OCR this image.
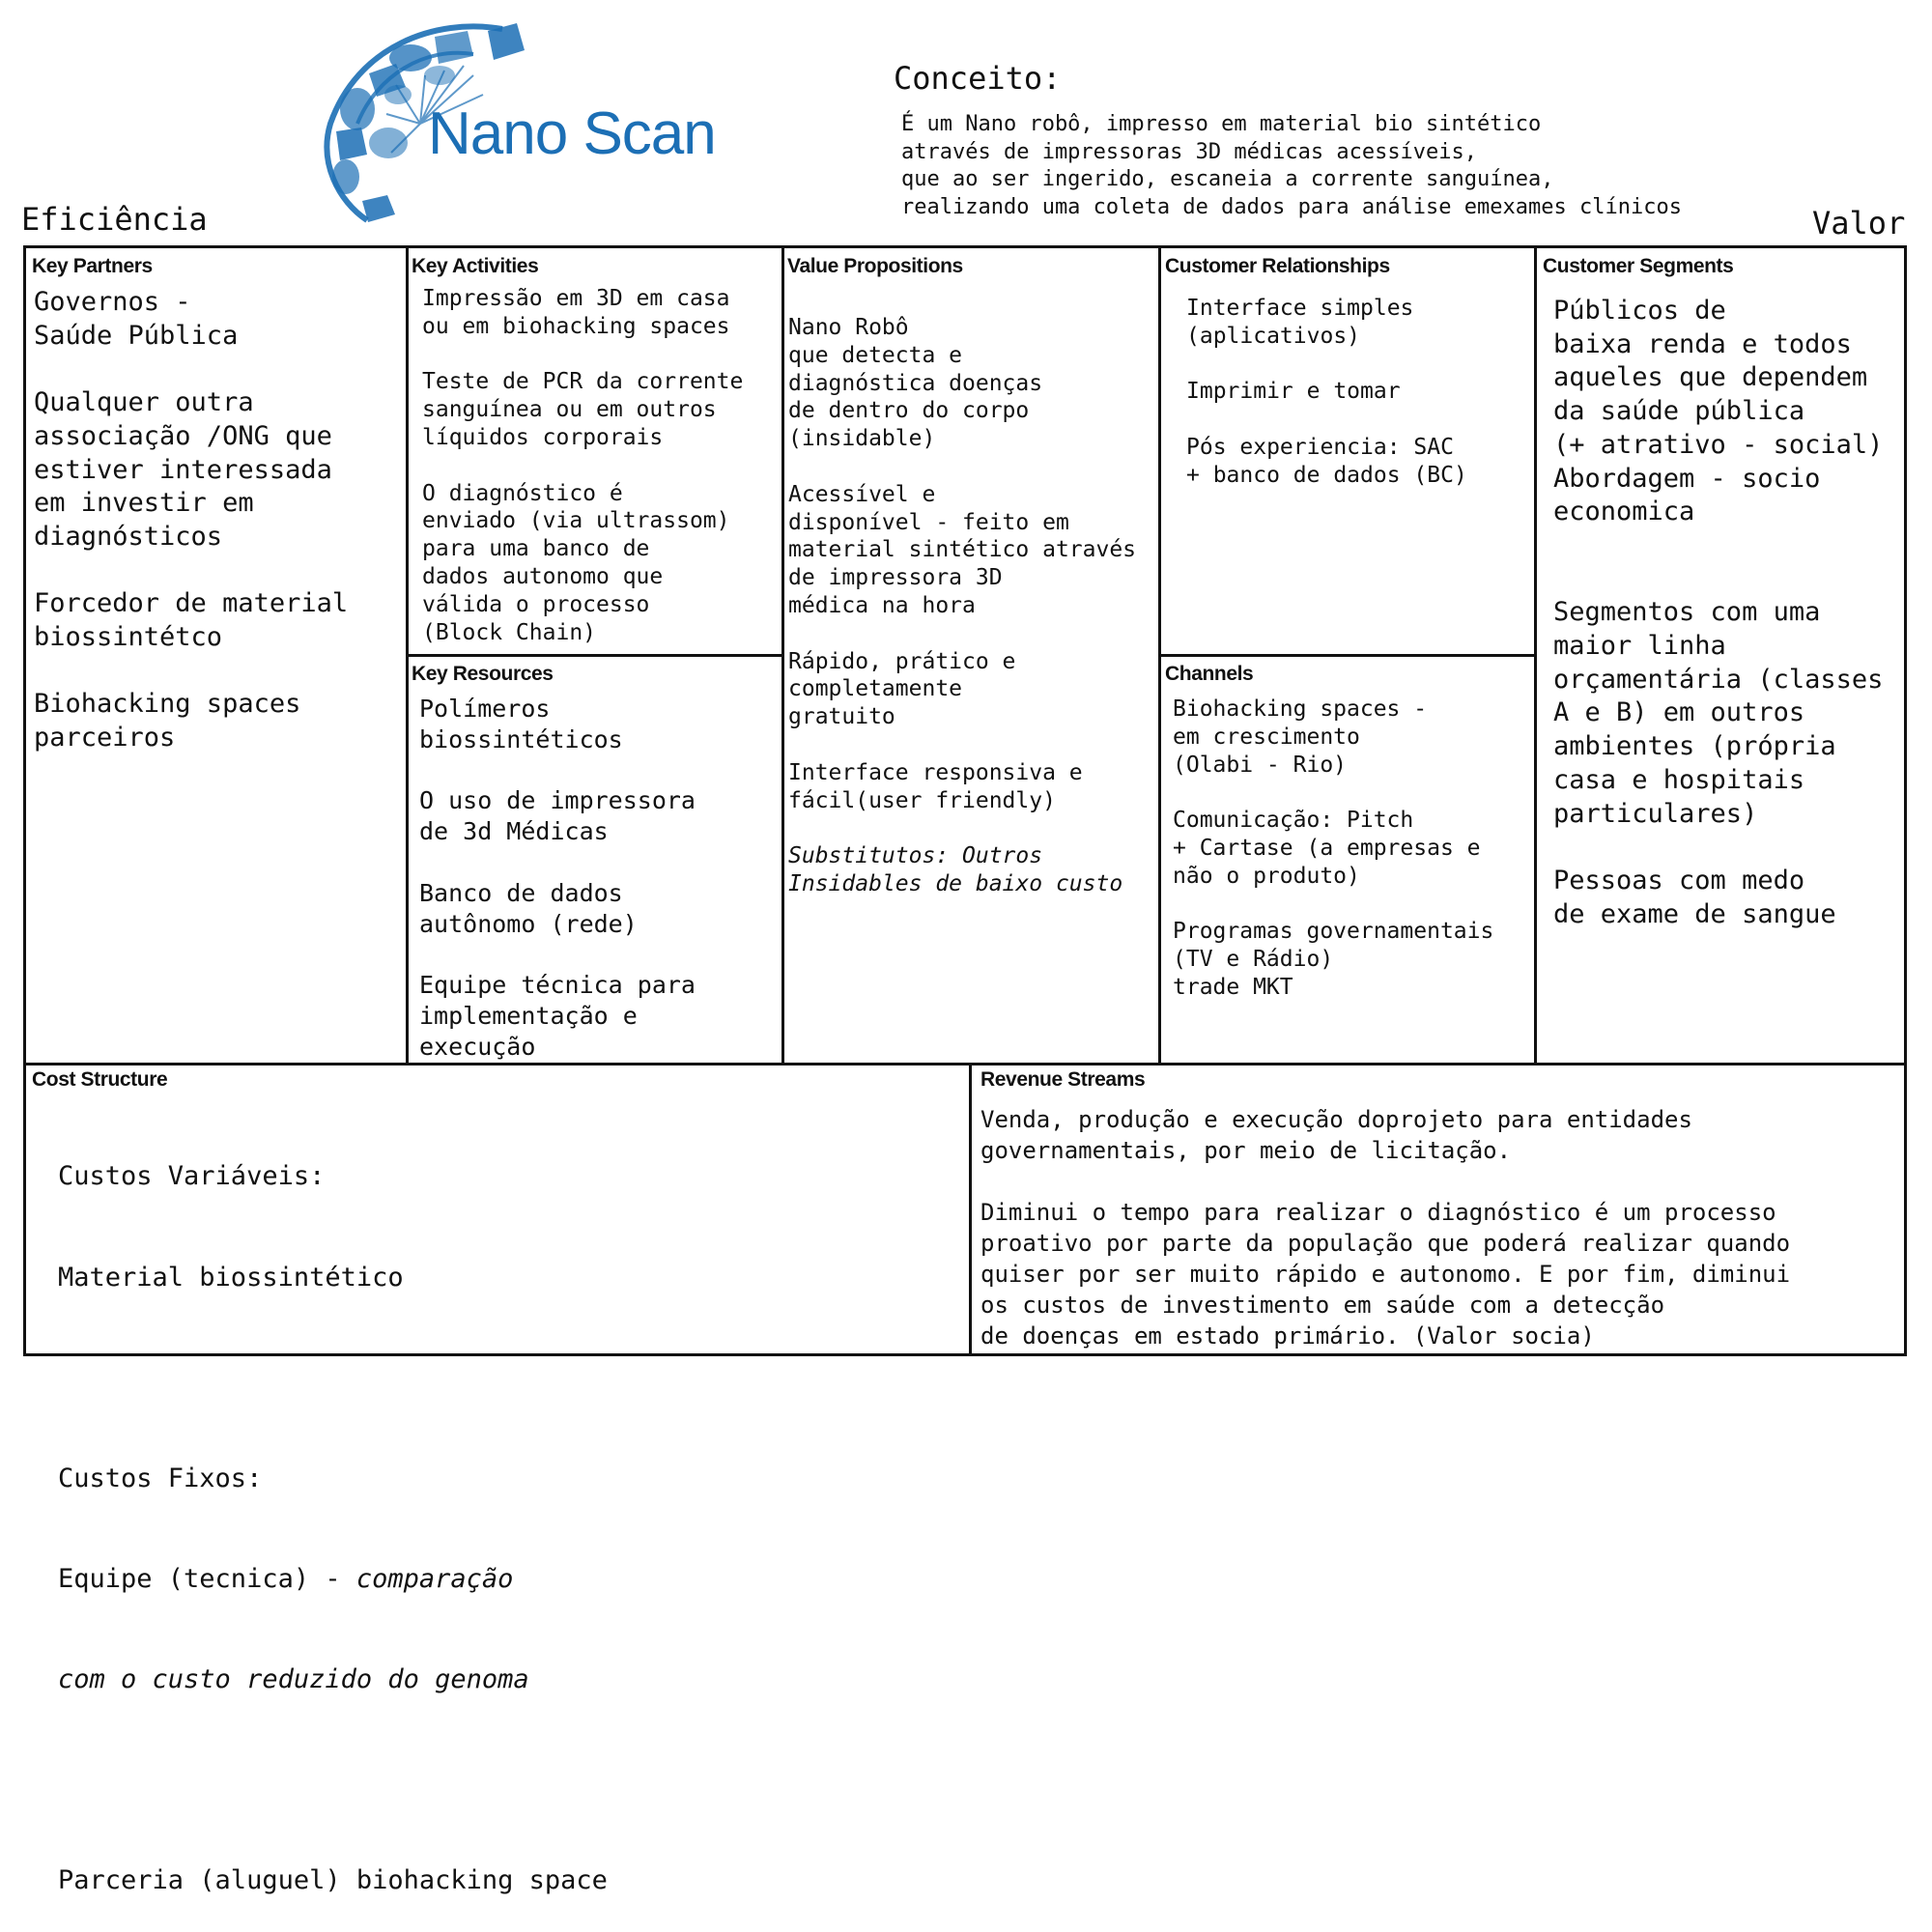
Nano Scan
Conceito:
É um Nano robô, impresso em material bio sintético
através de impressoras 3D médicas acessíveis,
que ao ser ingerido, escaneia a corrente sanguínea,
realizando uma coleta de dados para análise emexames clínicos
Eficiência	Valor
Key Partners
Governos -
Saúde Pública

Qualquer outra
associação /ONG que
estiver interessada
em investir em
diagnósticos

Forcedor de material
biossintétco

Biohacking spaces
parceiros
Key Activities
Impressão em 3D em casa
ou em biohacking spaces

Teste de PCR da corrente
sanguínea ou em outros
líquidos corporais

O diagnóstico é
enviado (via ultrassom)
para uma banco de
dados autonomo que
válida o processo
(Block Chain)
Key Resources
Polímeros
biossintéticos

O uso de impressora
de 3d Médicas

Banco de dados
autônomo (rede)

Equipe técnica para
implementação e
execução
Value Propositions
Nano Robô
que detecta e
diagnóstica doenças
de dentro do corpo
(insidable)

Acessível e
disponível - feito em
material sintético através
de impressora 3D
médica na hora

Rápido, prático e
completamente
gratuito

Interface responsiva e
fácil(user friendly)

Substitutos: Outros
Insidables de baixo custo
Customer Relationships
Interface simples
(aplicativos)

Imprimir e tomar

Pós experiencia: SAC
+ banco de dados (BC)
Channels
Biohacking spaces -
em crescimento
(Olabi - Rio)

Comunicação: Pitch
+ Cartase (a empresas e
não o produto)

Programas governamentais
(TV e Rádio)
trade MKT
Customer Segments
Públicos de
baixa renda e todos
aqueles que dependem
da saúde pública
(+ atrativo - social)
Abordagem - socio
economica

Segmentos com uma
maior linha
orçamentária (classes
A e B) em outros
ambientes (própria
casa e hospitais
particulares)

Pessoas com medo
de exame de sangue
Cost Structure

Custos Variáveis:

Material biossintético

Custos Fixos:

Equipe (tecnica) - comparação

com o custo reduzido do genoma

Parceria (aluguel) biohacking space

Revenue Streams
Venda, produção e execução doprojeto para entidades
governamentais, por meio de licitação.

Diminui o tempo para realizar o diagnóstico é um processo
proativo por parte da população que poderá realizar quando
quiser por ser muito rápido e autonomo. E por fim, diminui
os custos de investimento em saúde com a detecção
de doenças em estado primário. (Valor socia)
